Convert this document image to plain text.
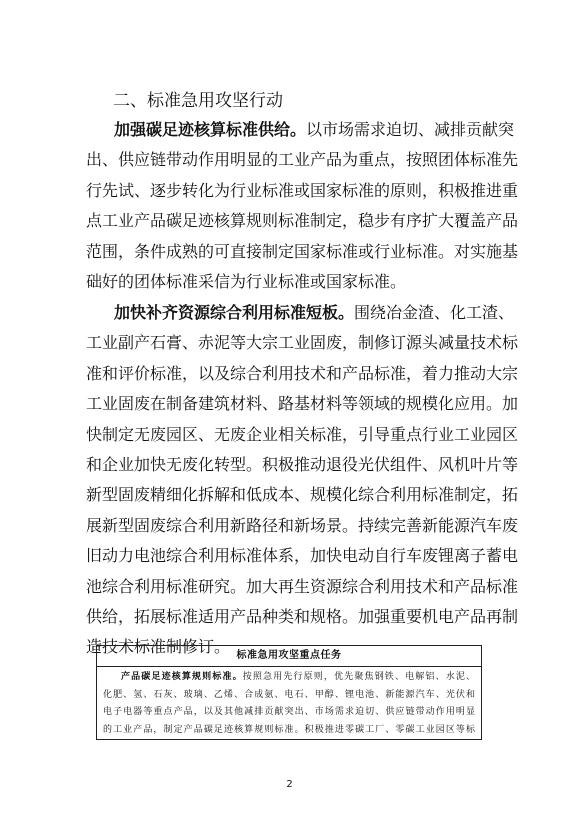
二、标准急用攻坚行动
加强碳足迹核算标准供给。以市场需求迫切、减排贡献突
出、供应链带动作用明显的工业产品为重点，按照团体标准先
行先试、逐步转化为行业标准或国家标准的原则，积极推进重
点工业产品碳足迹核算规则标准制定，稳步有序扩大覆盖产品
范围，条件成熟的可直接制定国家标准或行业标准。对实施基
础好的团体标准采信为行业标准或国家标准。
加快补齐资源综合利用标准短板。围绕冶金渣、化工渣、
工业副产石膏、赤泥等大宗工业固废，制修订源头减量技术标
准和评价标准，以及综合利用技术和产品标准，着力推动大宗
工业固废在制备建筑材料、路基材料等领域的规模化应用。加
快制定无废园区、无废企业相关标准，引导重点行业工业园区
和企业加快无废化转型。积极推动退役光伏组件、风机叶片等
新型固废精细化拆解和低成本、规模化综合利用标准制定，拓
展新型固废综合利用新路径和新场景。持续完善新能源汽车废
旧动力电池综合利用标准体系，加快电动自行车废锂离子蓄电
池综合利用标准研究。加大再生资源综合利用技术和产品标准
供给，拓展标准适用产品种类和规格。加强重要机电产品再制
造技术标准制修订。 标准急用攻坚重点任务
产品碳足迹核算规则标准。按照急用先行原则，优先聚焦钢铁、电解铝、水泥、
化肥、氢、石灰、玻璃、乙烯、合成氨、电石、甲醇、锂电池、新能源汽车、光伏和
电子电器等重点产品，以及其他减排贡献突出、市场需求迫切、供应链带动作用明显
的工业产品，制定产品碳足迹核算规则标准。积极推进零碳工厂、零碳工业园区等标
2
